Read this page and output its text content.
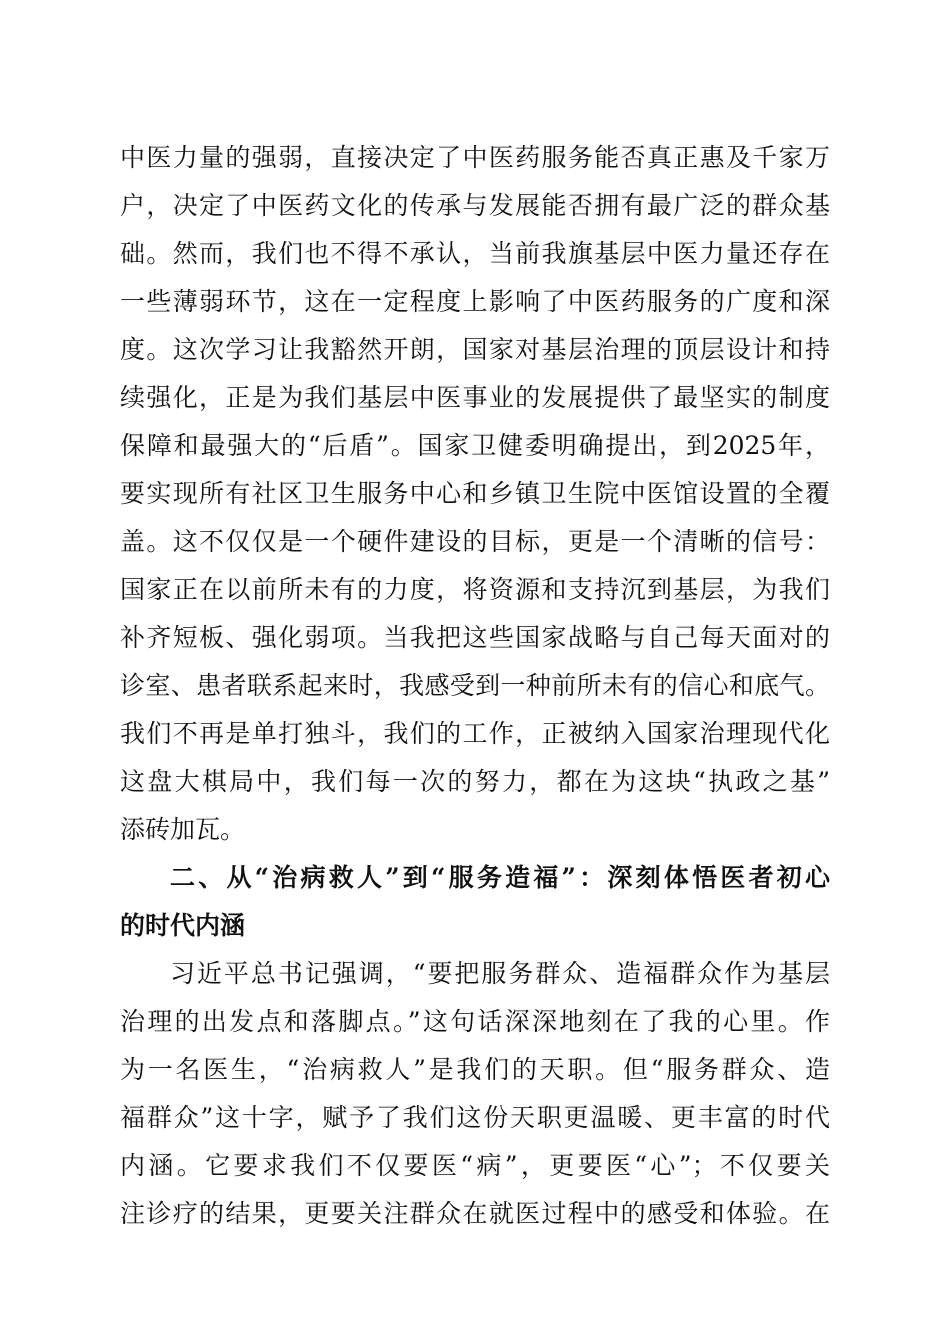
中医力量的强弱，直接决定了中医药服务能否真正惠及千家万
户，决定了中医药文化的传承与发展能否拥有最广泛的群众基
础。然而，我们也不得不承认，当前我旗基层中医力量还存在
一些薄弱环节，这在一定程度上影响了中医药服务的广度和深
度。这次学习让我豁然开朗，国家对基层治理的顶层设计和持
续强化，正是为我们基层中医事业的发展提供了最坚实的制度
保障和最强大的“后盾”。国家卫健委明确提出，到2025年，
要实现所有社区卫生服务中心和乡镇卫生院中医馆设置的全覆
盖。这不仅仅是一个硬件建设的目标，更是一个清晰的信号：
国家正在以前所未有的力度，将资源和支持沉到基层，为我们
补齐短板、强化弱项。当我把这些国家战略与自己每天面对的
诊室、患者联系起来时，我感受到一种前所未有的信心和底气。
我们不再是单打独斗，我们的工作，正被纳入国家治理现代化
这盘大棋局中，我们每一次的努力，都在为这块“执政之基”
添砖加瓦。
二、从“治病救人”到“服务造福”：深刻体悟医者初心
的时代内涵
习近平总书记强调，“要把服务群众、造福群众作为基层
治理的出发点和落脚点。”这句话深深地刻在了我的心里。作
为一名医生，“治病救人”是我们的天职。但“服务群众、造
福群众”这十字，赋予了我们这份天职更温暖、更丰富的时代
内涵。它要求我们不仅要医“病”，更要医“心”；不仅要关
注诊疗的结果，更要关注群众在就医过程中的感受和体验。在
